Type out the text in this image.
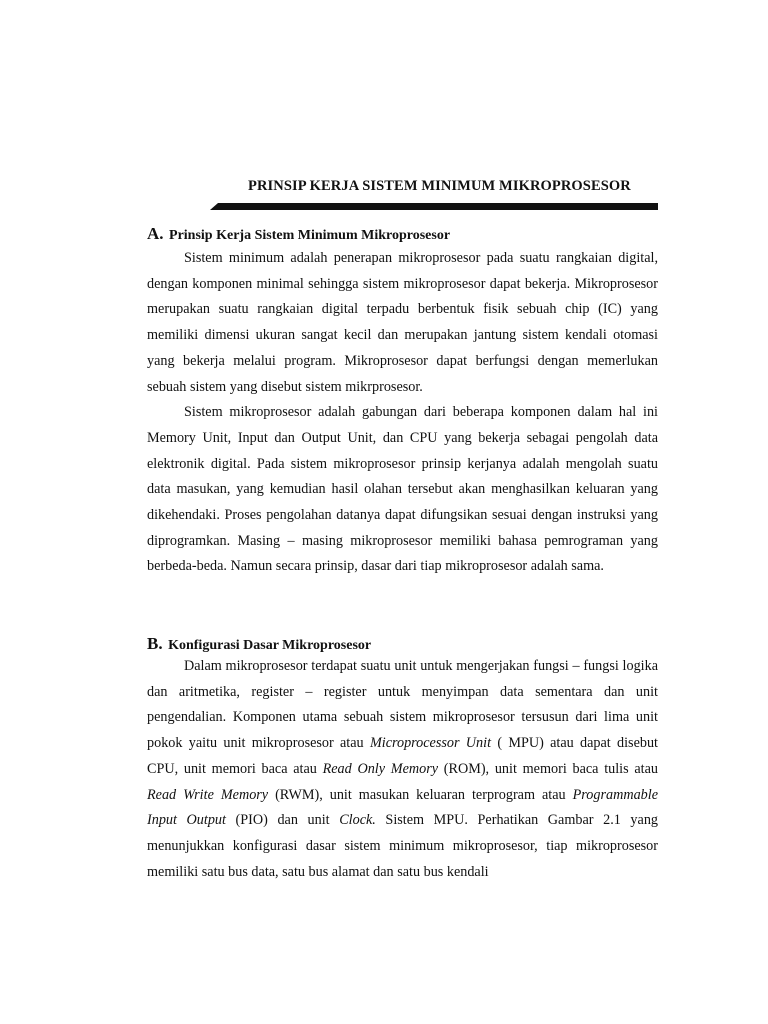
PRINSIP KERJA SISTEM MINIMUM MIKROPROSESOR
A. Prinsip Kerja Sistem Minimum Mikroprosesor

Sistem minimum adalah penerapan mikroprosesor pada suatu rangkaian digital, dengan komponen minimal sehingga sistem mikroprosesor dapat bekerja. Mikroprosesor merupakan suatu rangkaian digital terpadu berbentuk fisik sebuah chip (IC) yang memiliki dimensi ukuran sangat kecil dan merupakan jantung sistem kendali otomasi yang bekerja melalui program. Mikroprosesor dapat berfungsi dengan memerlukan sebuah sistem yang disebut sistem mikrprosesor.

Sistem mikroprosesor adalah gabungan dari beberapa komponen dalam hal ini Memory Unit, Input dan Output Unit, dan CPU yang bekerja sebagai pengolah data elektronik digital. Pada sistem mikroprosesor prinsip kerjanya adalah mengolah suatu data masukan, yang kemudian hasil olahan tersebut akan menghasilkan keluaran yang dikehendaki. Proses pengolahan datanya dapat difungsikan sesuai dengan instruksi yang diprogramkan. Masing – masing mikroprosesor memiliki bahasa pemrograman yang berbeda-beda. Namun secara prinsip, dasar dari tiap mikroprosesor adalah sama.

B. Konfigurasi Dasar Mikroprosesor

Dalam mikroprosesor terdapat suatu unit untuk mengerjakan fungsi – fungsi logika dan aritmetika, register – register untuk menyimpan data sementara dan unit pengendalian. Komponen utama sebuah sistem mikroprosesor tersusun dari lima unit pokok yaitu unit mikroprosesor atau Microprocessor Unit ( MPU) atau dapat disebut CPU, unit memori baca atau Read Only Memory (ROM), unit memori baca tulis atau Read Write Memory (RWM), unit masukan keluaran terprogram atau Programmable Input Output (PIO) dan unit Clock. Sistem MPU. Perhatikan Gambar 2.1 yang menunjukkan konfigurasi dasar sistem minimum mikroprosesor, tiap mikroprosesor memiliki satu bus data, satu bus alamat dan satu bus kendali
